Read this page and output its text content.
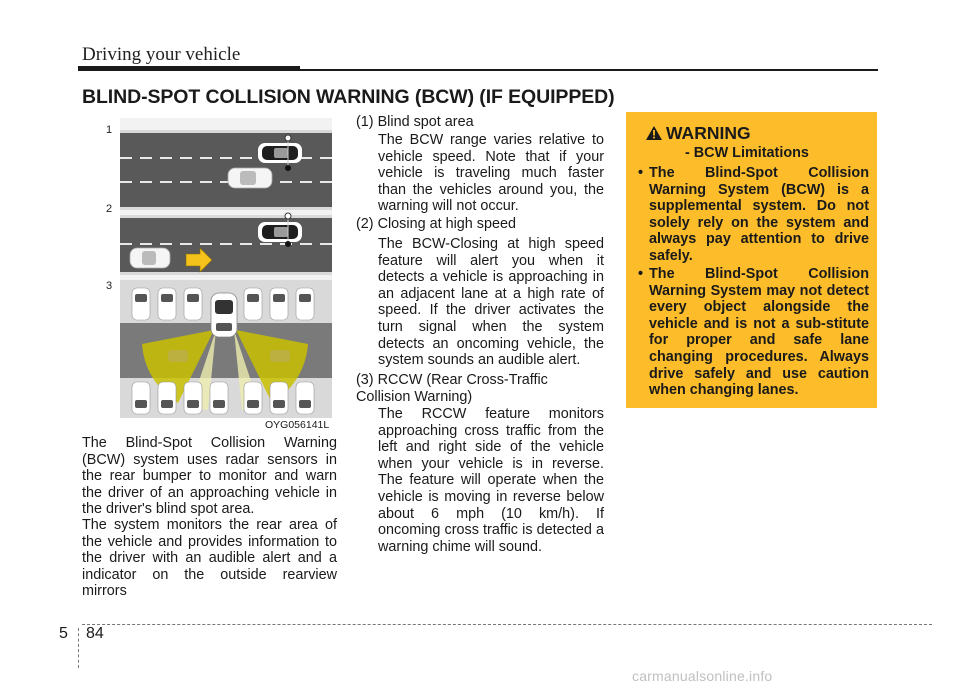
Driving your vehicle
BLIND-SPOT COLLISION WARNING (BCW) (IF EQUIPPED)
1
2
3
OYG056141L

The Blind-Spot Collision Warning (BCW) system uses radar sensors in the rear bumper to monitor and warn the driver of an approaching vehicle in the driver's blind spot area.

The system monitors the rear area of the vehicle and provides information to the driver with an audible alert and a indicator on the outside rearview mirrors

(1) Blind spot area

The BCW range varies relative to vehicle speed. Note that if your vehicle is traveling much faster than the vehicles around you, the warning will not occur.

(2) Closing at high speed

The BCW-Closing at high speed feature will alert you when it detects a vehicle is approaching in an adjacent lane at a high rate of speed. If the driver activates the turn signal when the system detects an oncoming vehicle, the system sounds an audible alert.

(3) RCCW (Rear Cross-Traffic Collision Warning)

The RCCW feature monitors approaching cross traffic from the left and right side of the vehicle when your vehicle is in reverse. The feature will operate when the vehicle is moving in reverse below about 6 mph (10 km/h). If oncoming cross traffic is detected a warning chime will sound.

WARNING
- BCW Limitations
• The Blind-Spot Collision Warning System (BCW) is a supplemental system. Do not solely rely on the system and always pay attention to drive safely.

• The Blind-Spot Collision Warning System may not detect every object alongside the vehicle and is not a sub-stitute for proper and safe lane changing procedures. Always drive safely and use caution when changing lanes.

5 84
carmanualsonline.info
